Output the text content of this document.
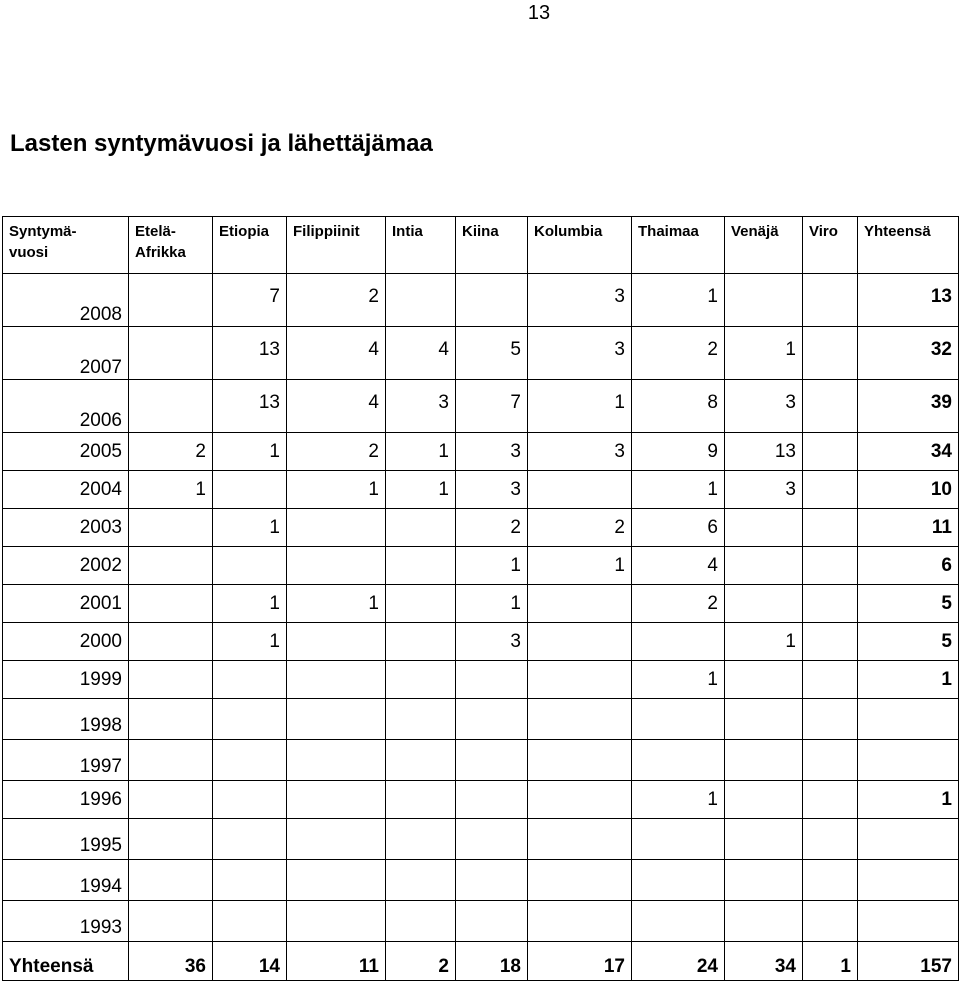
13
Lasten syntymävuosi ja lähettäjämaa
Syntymä-
vuosi	Etelä-
Afrikka	Etiopia	Filippiinit	Intia	Kiina	Kolumbia	Thaimaa	Venäjä	Viro	Yhteensä
2008		7	2			3	1			13
2007		13	4	4	5	3	2	1		32
2006		13	4	3	7	1	8	3		39
2005	2	1	2	1	3	3	9	13		34
2004	1		1	1	3		1	3		10
2003		1			2	2	6			11
2002					1	1	4			6
2001		1	1		1		2			5
2000		1			3			1		5
1999							1			1
1998										
1997										
1996							1			1
1995										
1994										
1993										
Yhteensä	36	14	11	2	18	17	24	34	1	157
